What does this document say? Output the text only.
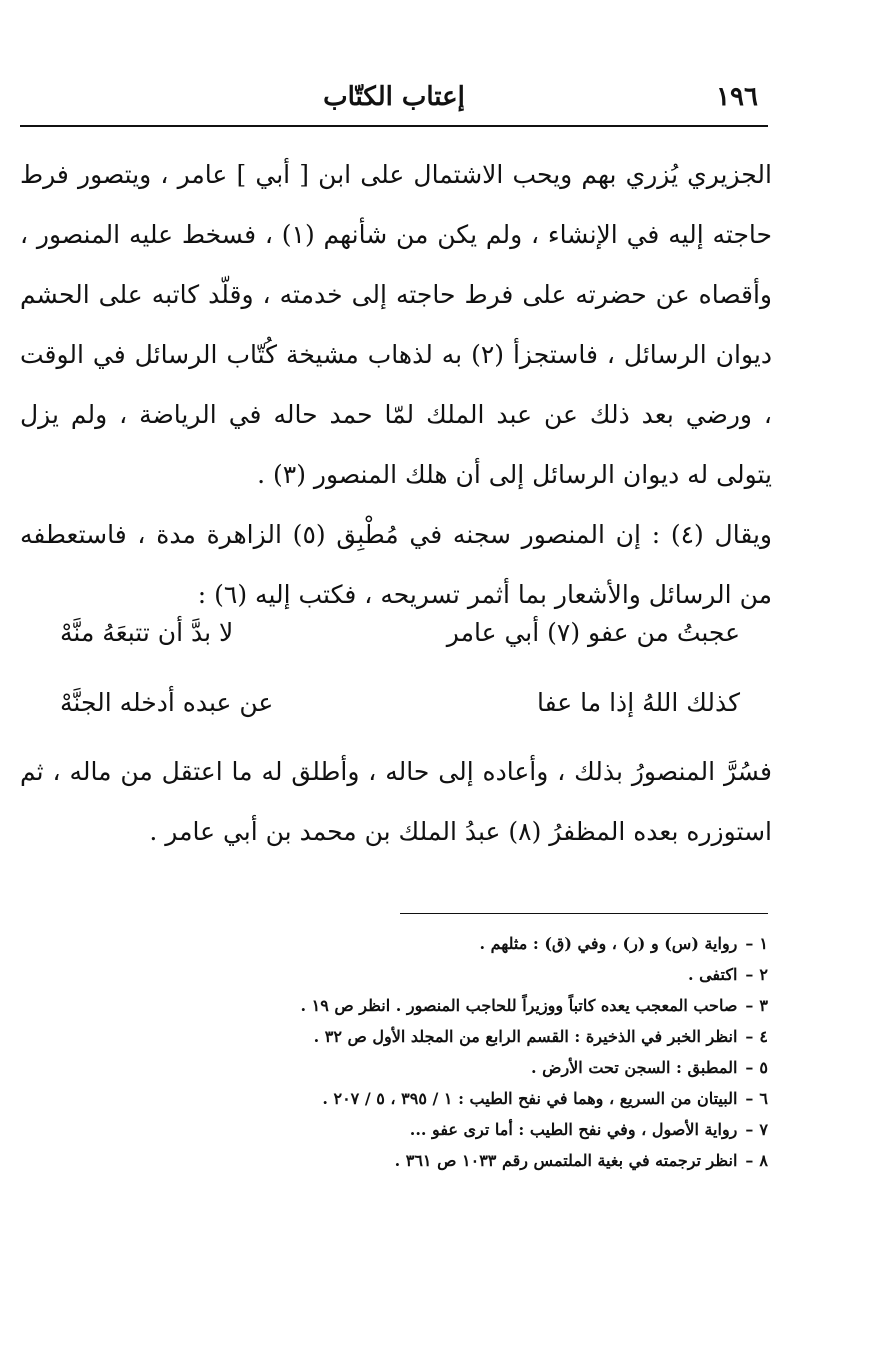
١٩٦
إعتاب الكتّاب

الجزيري يُزري بهم ويحب الاشتمال على ابن [ أبي ] عامر ، ويتصور فرط حاجته إليه في الإنشاء ، ولم يكن من شأنهم (١) ، فسخط عليه المنصور ، وأقصاه عن حضرته على فرط حاجته إلى خدمته ، وقلّد كاتبه على الحشم ديوان الرسائل ، فاستجزأ (٢) به لذهاب مشيخة كُتّاب الرسائل في الوقت ، ورضي بعد ذلك عن عبد الملك لمّا حمد حاله في الرياضة ، ولم يزل يتولى له ديوان الرسائل إلى أن هلك المنصور (٣) .

ويقال (٤) : إن المنصور سجنه في مُطْبِق (٥) الزاهرة مدة ، فاستعطفه من الرسائل والأشعار بما أثمر تسريحه ، فكتب إليه (٦) :

عجبتُ من عفو (٧) أبي عامر
لا بدَّ أن تتبعَهُ منَّهْ
كذلك اللهُ إذا ما عفا
عن عبده أدخله الجنَّهْ

فسُرَّ المنصورُ بذلك ، وأعاده إلى حاله ، وأطلق له ما اعتقل من ماله ، ثم استوزره بعده المظفرُ (٨) عبدُ الملك بن محمد بن أبي عامر .

١–رواية (س) و (ر) ، وفي (ق) : مثلهم .
٢–اكتفى .
٣–صاحب المعجب يعده كاتباً ووزيراً للحاجب المنصور . انظر ص ١٩ .
٤–انظر الخبر في الذخيرة : القسم الرابع من المجلد الأول ص ٣٢ .
٥–المطبق : السجن تحت الأرض .
٦–البيتان من السريع ، وهما في نفح الطيب : ١ / ٣٩٥ ، ٥ / ٢٠٧ .
٧–رواية الأصول ، وفي نفح الطيب : أما ترى عفو ...
٨–انظر ترجمته في بغية الملتمس رقم ١٠٣٣ ص ٣٦١ .
